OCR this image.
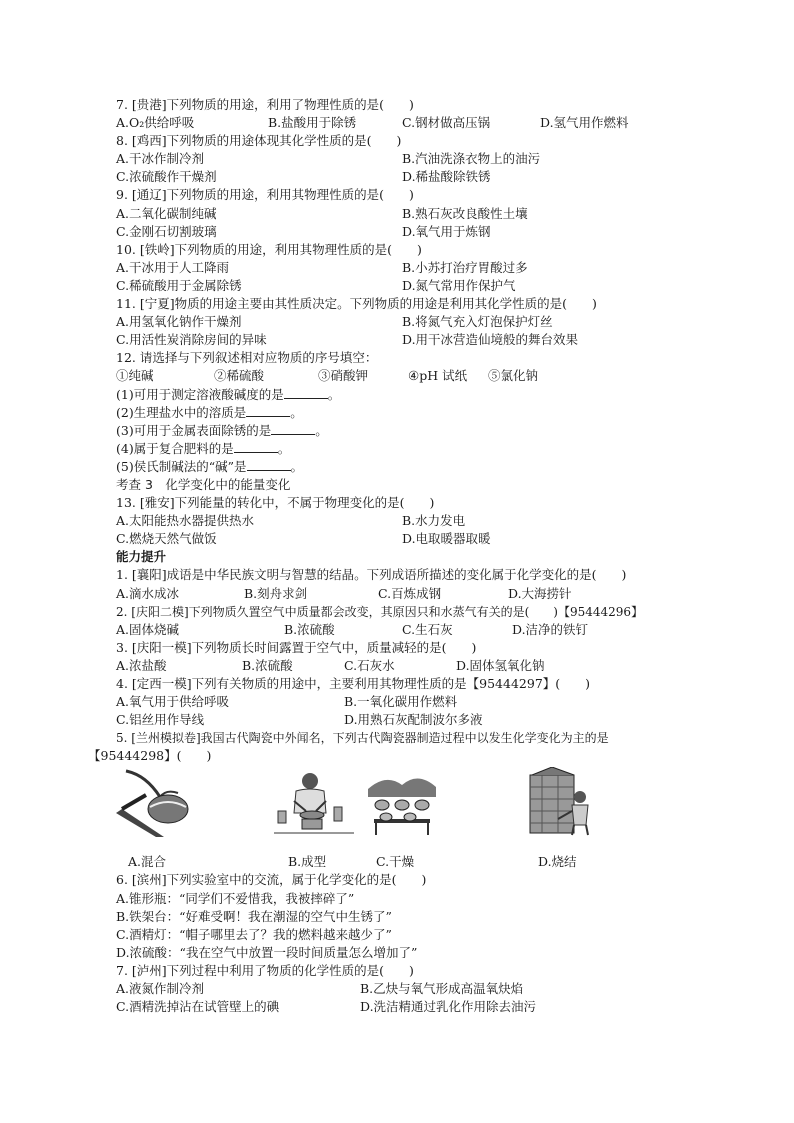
7. [贵港]下列物质的用途，利用了物理性质的是(　　)
A.O₂供给呼吸	B.盐酸用于除锈	C.钢材做高压锅	D.氢气用作燃料
8. [鸡西]下列物质的用途体现其化学性质的是(　　)
A.干冰作制冷剂	B.汽油洗涤衣物上的油污
C.浓硫酸作干燥剂	D.稀盐酸除铁锈
9. [通辽]下列物质的用途，利用其物理性质的是(　　)
A.二氧化碳制纯碱	B.熟石灰改良酸性土壤
C.金刚石切割玻璃	D.氧气用于炼钢
10. [铁岭]下列物质的用途，利用其物理性质的是(　　)
A.干冰用于人工降雨	B.小苏打治疗胃酸过多
C.稀硫酸用于金属除锈	D.氮气常用作保护气
11. [宁夏]物质的用途主要由其性质决定。下列物质的用途是利用其化学性质的是(　　)
A.用氢氧化钠作干燥剂	B.将氮气充入灯泡保护灯丝
C.用活性炭消除房间的异味	D.用干冰营造仙境般的舞台效果
12. 请选择与下列叙述相对应物质的序号填空：
①纯碱	②稀硫酸	③硝酸钾	④pH 试纸 ⑤氯化钠
(1)可用于测定溶液酸碱度的是	。
(2)生理盐水中的溶质是	。
(3)可用于金属表面除锈的是	。
(4)属于复合肥料的是	。
(5)侯氏制碱法的“碱”是	。
考查 3　化学变化中的能量变化
13. [雅安]下列能量的转化中，不属于物理变化的是(　　)
A.太阳能热水器提供热水	B.水力发电
C.燃烧天然气做饭	D.电取暖器取暖
能力提升
1. [襄阳]成语是中华民族文明与智慧的结晶。下列成语所描述的变化属于化学变化的是(　　)
A.滴水成冰	B.刻舟求剑	C.百炼成钢	D.大海捞针
2. [庆阳二模]下列物质久置空气中质量都会改变，其原因只和水蒸气有关的是(　　)【95444296】
A.固体烧碱	B.浓硫酸	C.生石灰	D.洁净的铁钉
3. [庆阳一模]下列物质长时间露置于空气中，质量减轻的是(　　)
A.浓盐酸	B.浓硫酸	C.石灰水	D.固体氢氧化钠
4. [定西一模]下列有关物质的用途中，主要利用其物理性质的是【95444297】(　　)
A.氧气用于供给呼吸	B.一氧化碳用作燃料
C.铝丝用作导线	D.用熟石灰配制波尔多液
5. [兰州模拟卷]我国古代陶瓷中外闻名，下列古代陶瓷器制造过程中以发生化学变化为主的是
【95444298】(　　)
A.混合	B.成型	C.干燥	D.烧结
6. [滨州]下列实验室中的交流，属于化学变化的是(　　)
A.锥形瓶：“同学们不爱惜我，我被摔碎了”
B.铁架台：“好难受啊！我在潮湿的空气中生锈了”
C.酒精灯：“帽子哪里去了？我的燃料越来越少了”
D.浓硫酸：“我在空气中放置一段时间质量怎么增加了”
7. [泸州]下列过程中利用了物质的化学性质的是(　　)
A.液氮作制冷剂	B.乙炔与氧气形成高温氧炔焰
C.酒精洗掉沾在试管壁上的碘	D.洗洁精通过乳化作用除去油污
